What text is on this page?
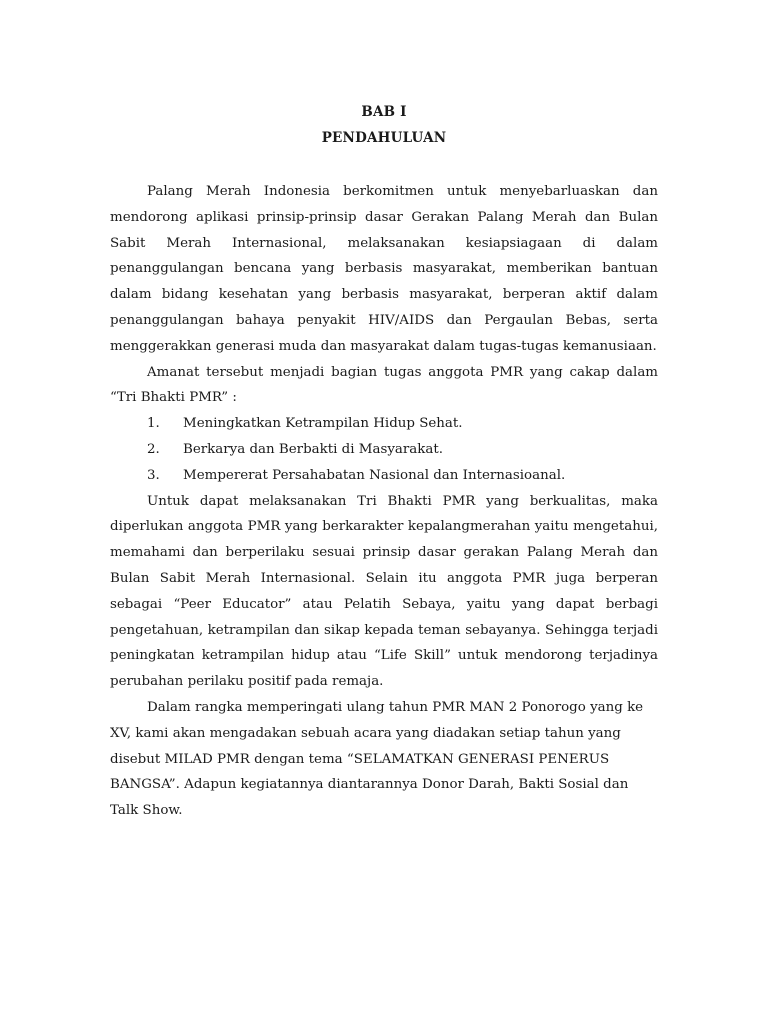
BAB I
PENDAHULUAN

Palang Merah Indonesia berkomitmen untuk menyebarluaskan dan mendorong aplikasi prinsip-prinsip dasar Gerakan Palang Merah dan Bulan Sabit Merah Internasional, melaksanakan kesiapsiagaan di dalam penanggulangan bencana yang berbasis masyarakat, memberikan bantuan dalam bidang kesehatan yang berbasis masyarakat, berperan aktif dalam penanggulangan bahaya penyakit HIV/AIDS dan Pergaulan Bebas, serta menggerakkan generasi muda dan masyarakat dalam tugas-tugas kemanusiaan.

Amanat tersebut menjadi bagian tugas anggota PMR yang cakap dalam “Tri Bhakti PMR” :

1. Meningkatkan Ketrampilan Hidup Sehat.
2. Berkarya dan Berbakti di Masyarakat.
3. Mempererat Persahabatan Nasional dan Internasioanal.

Untuk dapat melaksanakan Tri Bhakti PMR yang berkualitas, maka diperlukan anggota PMR yang berkarakter kepalangmerahan yaitu mengetahui, memahami dan berperilaku sesuai prinsip dasar gerakan Palang Merah dan Bulan Sabit Merah Internasional. Selain itu anggota PMR juga berperan sebagai “Peer Educator” atau Pelatih Sebaya, yaitu yang dapat berbagi pengetahuan, ketrampilan dan sikap kepada teman sebayanya. Sehingga terjadi peningkatan ketrampilan hidup atau “Life Skill” untuk mendorong terjadinya perubahan perilaku positif pada remaja.

Dalam rangka memperingati ulang tahun PMR MAN 2 Ponorogo yang ke XV, kami akan mengadakan sebuah acara yang diadakan setiap tahun yang disebut MILAD PMR dengan tema “SELAMATKAN GENERASI PENERUS BANGSA”. Adapun kegiatannya diantarannya Donor Darah, Bakti Sosial dan Talk Show.
